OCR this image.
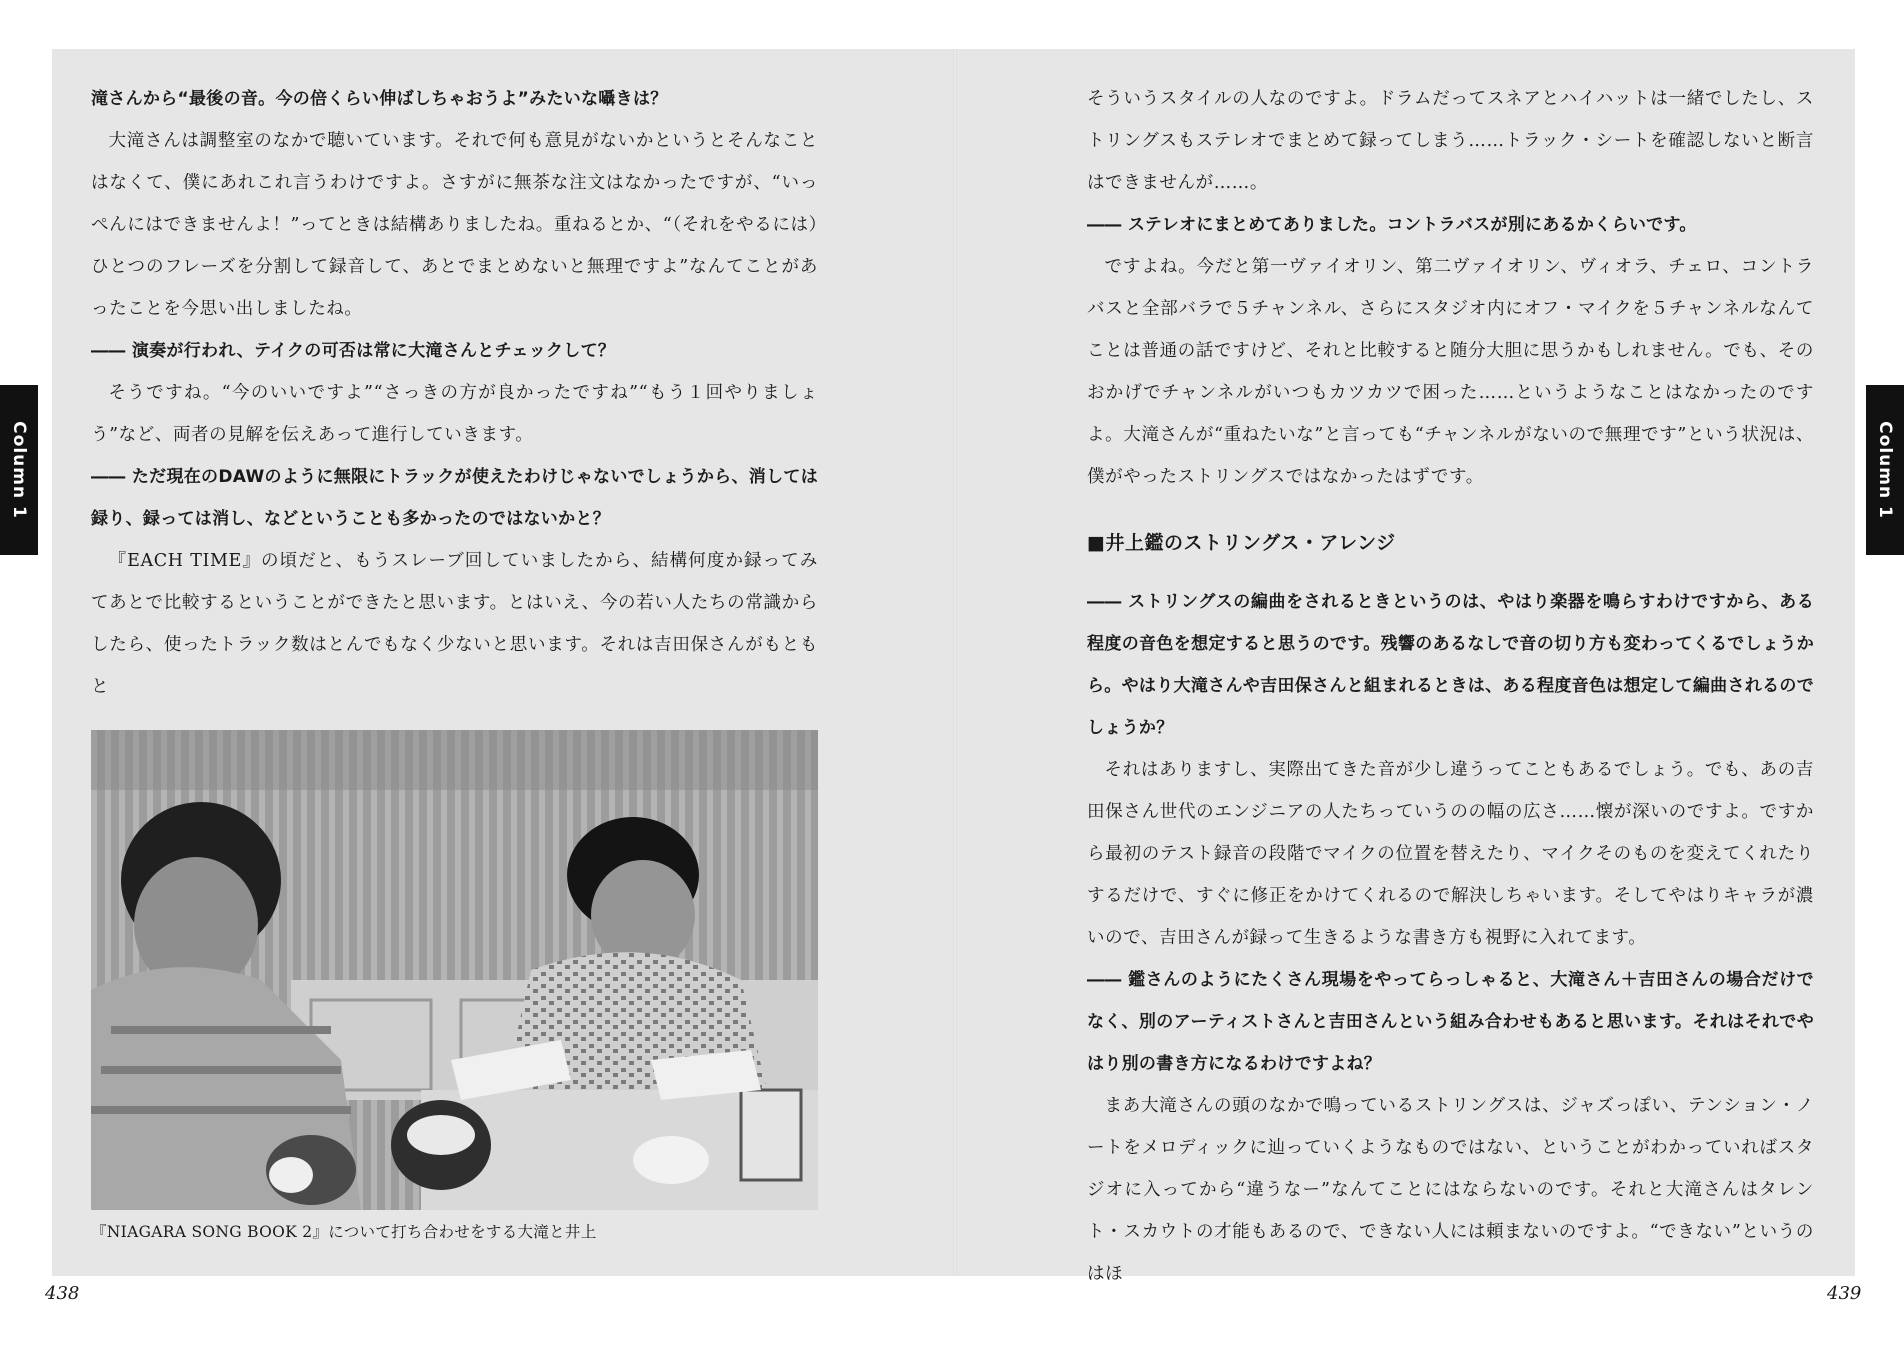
滝さんから“最後の音。今の倍くらい伸ばしちゃおうよ”みたいな囁きは？

大滝さんは調整室のなかで聴いています。それで何も意見がないかというとそんなことはなくて、僕にあれこれ言うわけですよ。さすがに無茶な注文はなかったですが、“いっぺんにはできませんよ！”ってときは結構ありましたね。重ねるとか、“（それをやるには）ひとつのフレーズを分割して録音して、あとでまとめないと無理ですよ”なんてことがあったことを今思い出しましたね。

―― 演奏が行われ、テイクの可否は常に大滝さんとチェックして？

そうですね。“今のいいですよ”“さっきの方が良かったですね”“もう１回やりましょう”など、両者の見解を伝えあって進行していきます。

―― ただ現在のDAWのように無限にトラックが使えたわけじゃないでしょうから、消しては録り、録っては消し、などということも多かったのではないかと？

『EACH TIME』の頃だと、もうスレーブ回していましたから、結構何度か録ってみてあとで比較するということができたと思います。とはいえ、今の若い人たちの常識からしたら、使ったトラック数はとんでもなく少ないと思います。それは吉田保さんがもともと

『NIAGARA SONG BOOK 2』について打ち合わせをする大滝と井上

そういうスタイルの人なのですよ。ドラムだってスネアとハイハットは一緒でしたし、ストリングスもステレオでまとめて録ってしまう……トラック・シートを確認しないと断言はできませんが……。

―― ステレオにまとめてありました。コントラバスが別にあるかくらいです。

ですよね。今だと第一ヴァイオリン、第二ヴァイオリン、ヴィオラ、チェロ、コントラバスと全部バラで５チャンネル、さらにスタジオ内にオフ・マイクを５チャンネルなんてことは普通の話ですけど、それと比較すると随分大胆に思うかもしれません。でも、そのおかげでチャンネルがいつもカツカツで困った……というようなことはなかったのですよ。大滝さんが“重ねたいな”と言っても“チャンネルがないので無理です”という状況は、僕がやったストリングスではなかったはずです。

■井上鑑のストリングス・アレンジ

―― ストリングスの編曲をされるときというのは、やはり楽器を鳴らすわけですから、ある程度の音色を想定すると思うのです。残響のあるなしで音の切り方も変わってくるでしょうから。やはり大滝さんや吉田保さんと組まれるときは、ある程度音色は想定して編曲されるのでしょうか？

それはありますし、実際出てきた音が少し違うってこともあるでしょう。でも、あの吉田保さん世代のエンジニアの人たちっていうのの幅の広さ……懐が深いのですよ。ですから最初のテスト録音の段階でマイクの位置を替えたり、マイクそのものを変えてくれたりするだけで、すぐに修正をかけてくれるので解決しちゃいます。そしてやはりキャラが濃いので、吉田さんが録って生きるような書き方も視野に入れてます。

―― 鑑さんのようにたくさん現場をやってらっしゃると、大滝さん＋吉田さんの場合だけでなく、別のアーティストさんと吉田さんという組み合わせもあると思います。それはそれでやはり別の書き方になるわけですよね？

まあ大滝さんの頭のなかで鳴っているストリングスは、ジャズっぽい、テンション・ノートをメロディックに辿っていくようなものではない、ということがわかっていればスタジオに入ってから“違うなー”なんてことにはならないのです。それと大滝さんはタレント・スカウトの才能もあるので、できない人には頼まないのですよ。“できない”というのはほ

Column 1	Column 1
438	439
